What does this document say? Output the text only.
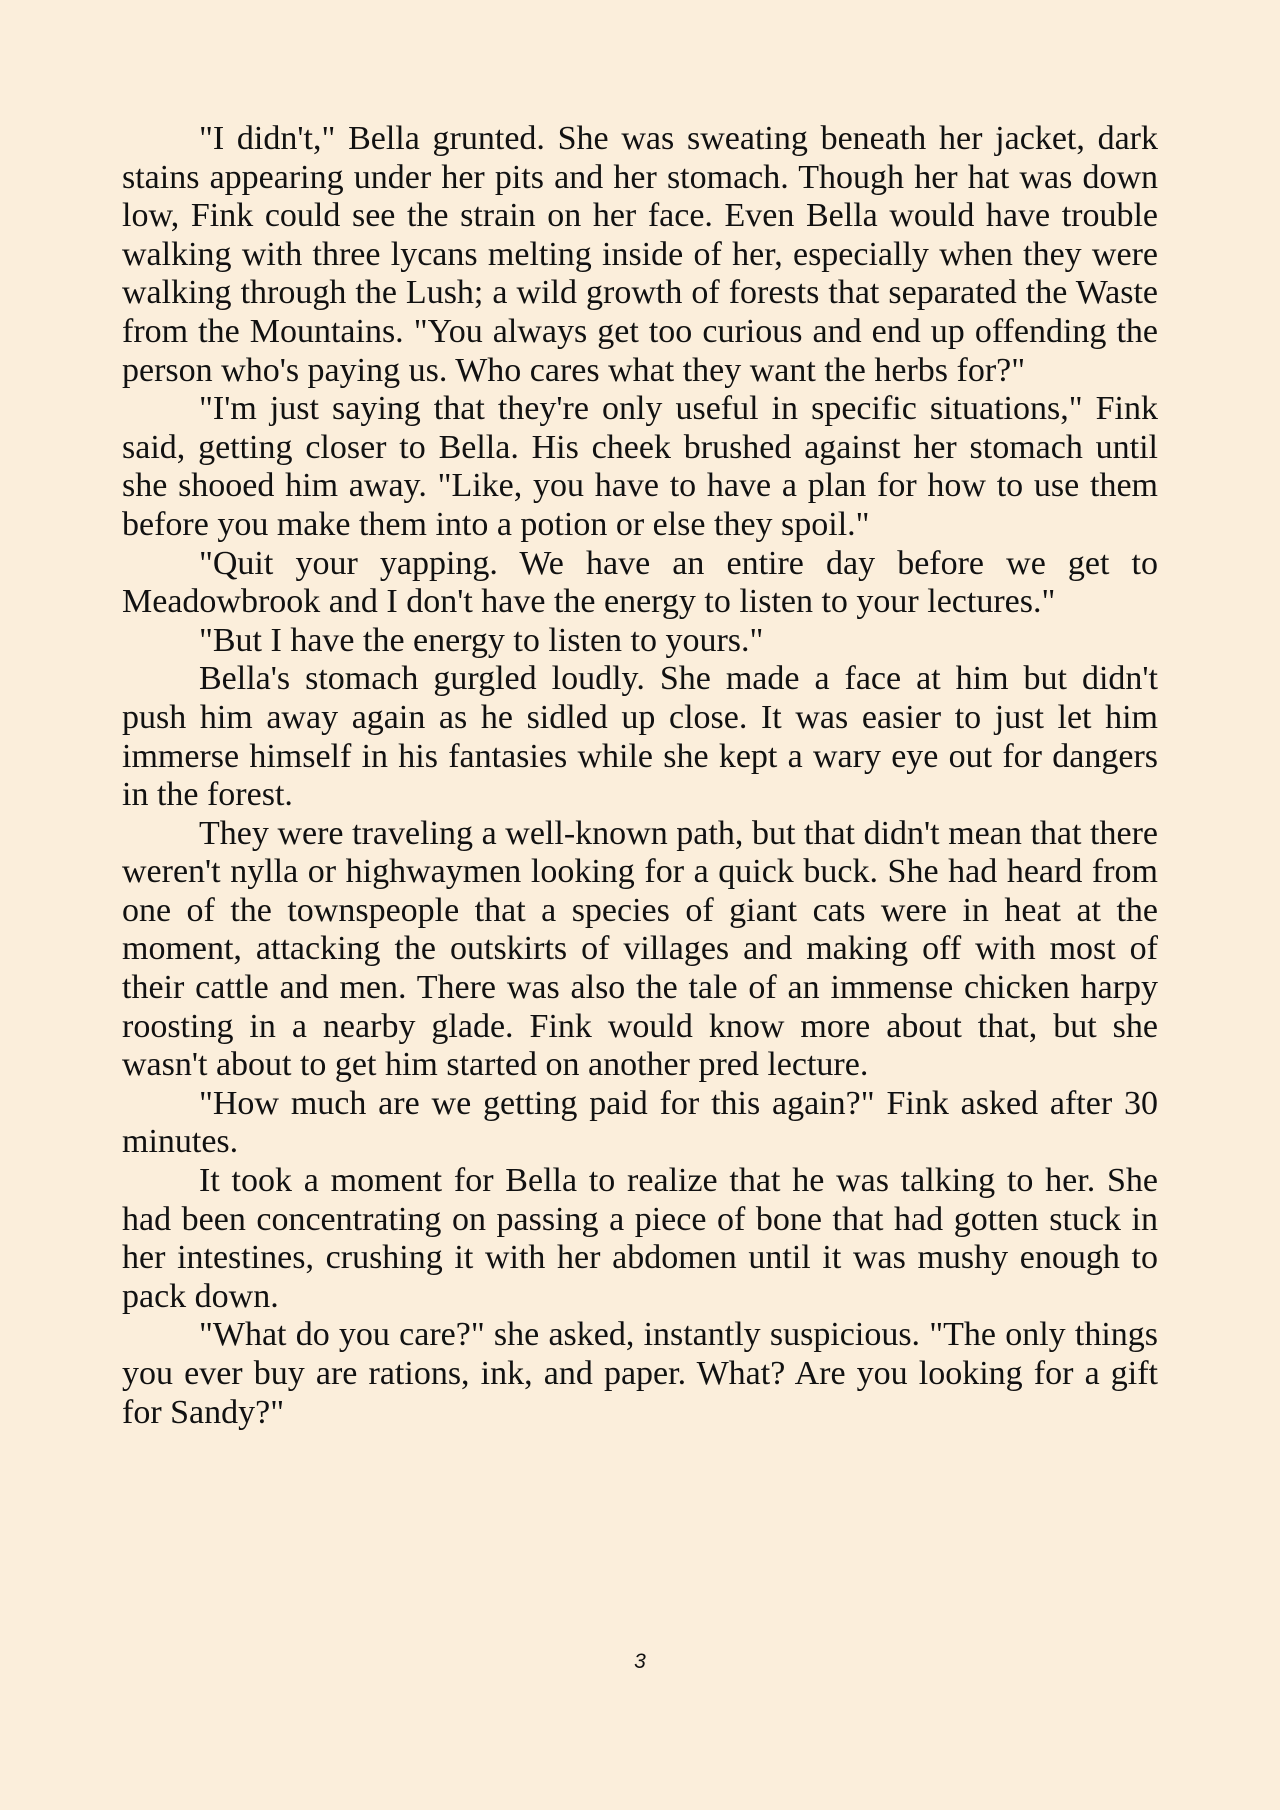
"I didn't," Bella grunted. She was sweating beneath her jacket, dark stains appearing under her pits and her stomach. Though her hat was down low, Fink could see the strain on her face. Even Bella would have trouble walking with three lycans melting inside of her, especially when they were walking through the Lush; a wild growth of forests that separated the Waste from the Mountains. "You always get too curious and end up offending the person who's paying us. Who cares what they want the herbs for?"

"I'm just saying that they're only useful in specific situations," Fink said, getting closer to Bella. His cheek brushed against her stomach until she shooed him away. "Like, you have to have a plan for how to use them before you make them into a potion or else they spoil."

"Quit your yapping. We have an entire day before we get to Meadowbrook and I don't have the energy to listen to your lectures."

"But I have the energy to listen to yours."

Bella's stomach gurgled loudly. She made a face at him but didn't push him away again as he sidled up close. It was easier to just let him immerse himself in his fantasies while she kept a wary eye out for dangers in the forest.

They were traveling a well-known path, but that didn't mean that there weren't nylla or highwaymen looking for a quick buck. She had heard from one of the townspeople that a species of giant cats were in heat at the moment, attacking the outskirts of villages and making off with most of their cattle and men. There was also the tale of an immense chicken harpy roosting in a nearby glade. Fink would know more about that, but she wasn't about to get him started on another pred lecture.

"How much are we getting paid for this again?" Fink asked after 30 minutes.

It took a moment for Bella to realize that he was talking to her. She had been concentrating on passing a piece of bone that had gotten stuck in her intestines, crushing it with her abdomen until it was mushy enough to pack down.

"What do you care?" she asked, instantly suspicious. "The only things you ever buy are rations, ink, and paper. What? Are you looking for a gift for Sandy?"

3
